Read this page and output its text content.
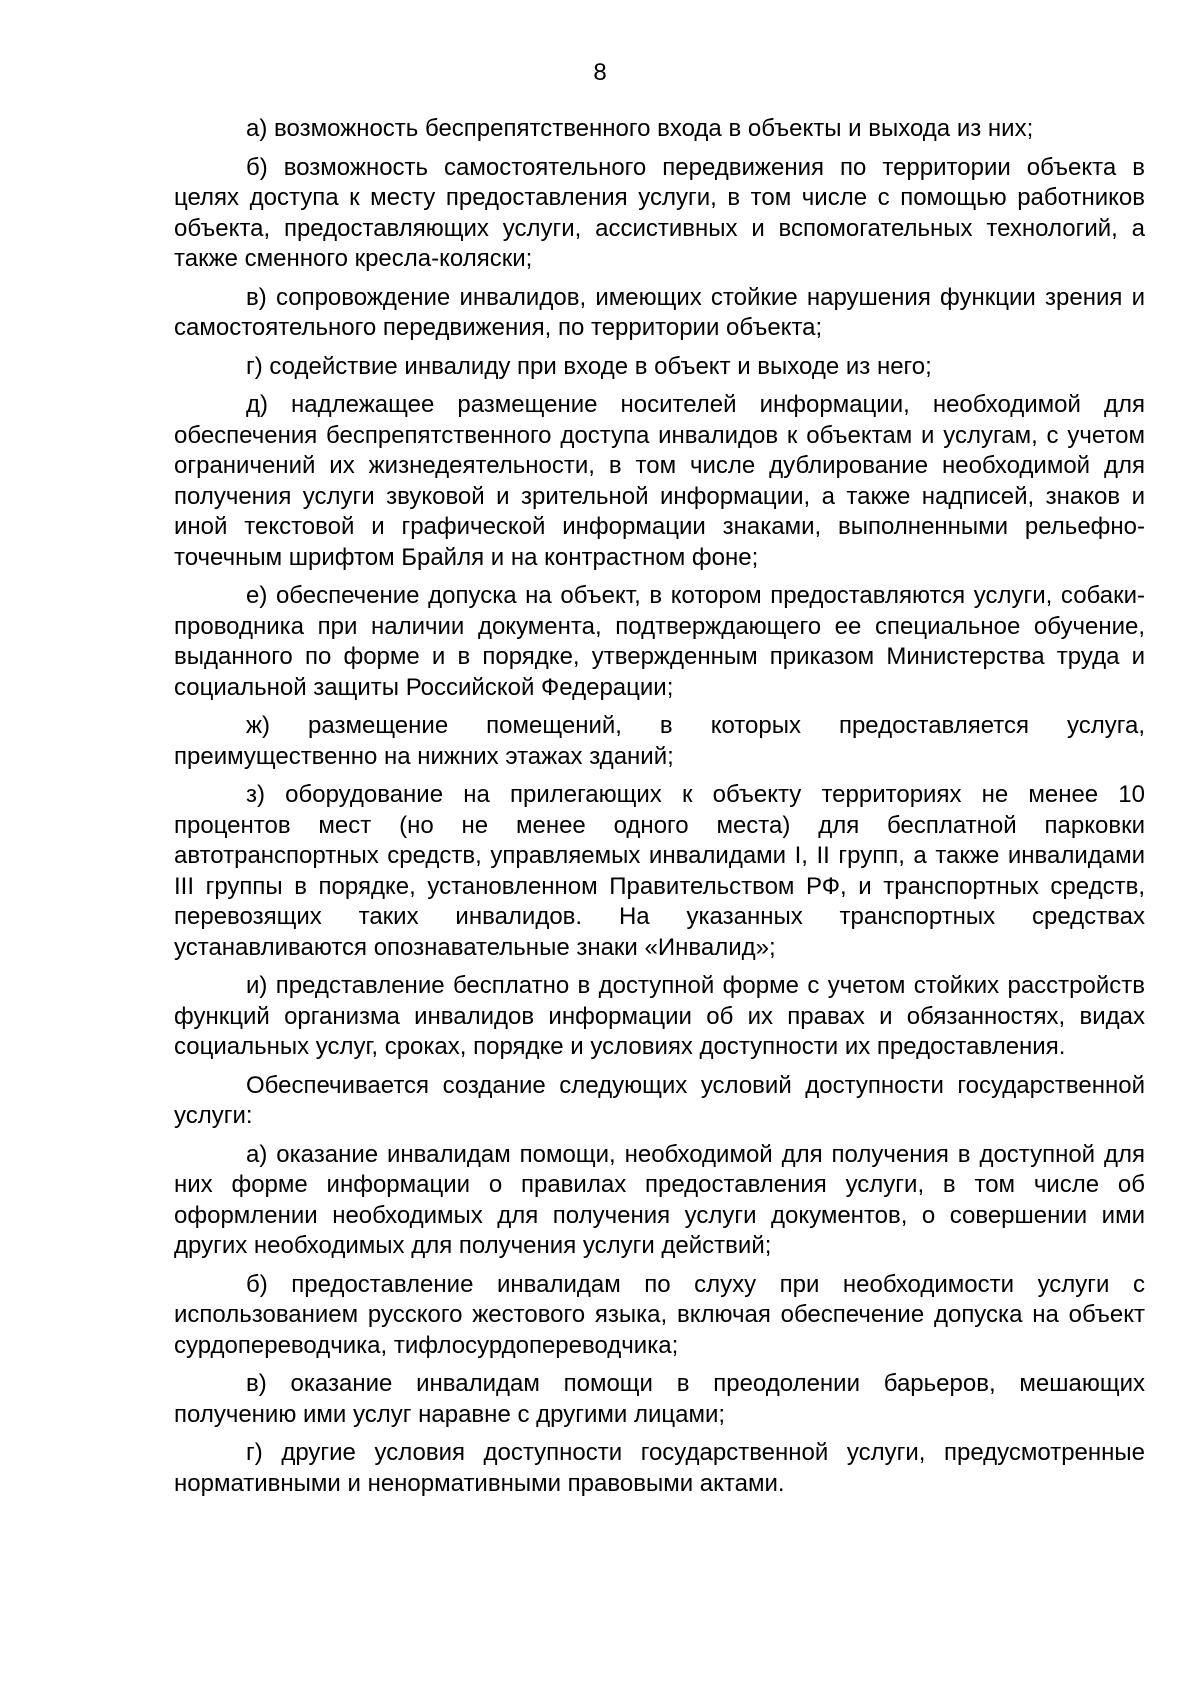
8

а) возможность беспрепятственного входа в объекты и выхода из них;

б) возможность самостоятельного передвижения по территории объекта в целях доступа к месту предоставления услуги, в том числе с помощью работников объекта, предоставляющих услуги, ассистивных и вспомогательных технологий, а также сменного кресла-коляски;

в) сопровождение инвалидов, имеющих стойкие нарушения функции зрения и самостоятельного передвижения, по территории объекта;

г) содействие инвалиду при входе в объект и выходе из него;

д) надлежащее размещение носителей информации, необходимой для обеспечения беспрепятственного доступа инвалидов к объектам и услугам, с учетом ограничений их жизнедеятельности, в том числе дублирование необходимой для получения услуги звуковой и зрительной информации, а также надписей, знаков и иной текстовой и графической информации знаками, выполненными рельефно-точечным шрифтом Брайля и на контрастном фоне;

е) обеспечение допуска на объект, в котором предоставляются услуги, собаки-проводника при наличии документа, подтверждающего ее специальное обучение, выданного по форме и в порядке, утвержденным приказом Министерства труда и социальной защиты Российской Федерации;

ж) размещение помещений, в которых предоставляется услуга, преимущественно на нижних этажах зданий;

з) оборудование на прилегающих к объекту территориях не менее 10 процентов мест (но не менее одного места) для бесплатной парковки автотранспортных средств, управляемых инвалидами I, II групп, а также инвалидами III группы в порядке, установленном Правительством РФ, и транспортных средств, перевозящих таких инвалидов. На указанных транспортных средствах устанавливаются опознавательные знаки «Инвалид»;

и) представление бесплатно в доступной форме с учетом стойких расстройств функций организма инвалидов информации об их правах и обязанностях, видах социальных услуг, сроках, порядке и условиях доступности их предоставления.

Обеспечивается создание следующих условий доступности государственной услуги:

а) оказание инвалидам помощи, необходимой для получения в доступной для них форме информации о правилах предоставления услуги, в том числе об оформлении необходимых для получения услуги документов, о совершении ими других необходимых для получения услуги действий;

б) предоставление инвалидам по слуху при необходимости услуги с использованием русского жестового языка, включая обеспечение допуска на объект сурдопереводчика, тифлосурдопереводчика;

в) оказание инвалидам помощи в преодолении барьеров, мешающих получению ими услуг наравне с другими лицами;

г) другие условия доступности государственной услуги, предусмотренные нормативными и ненормативными правовыми актами.
